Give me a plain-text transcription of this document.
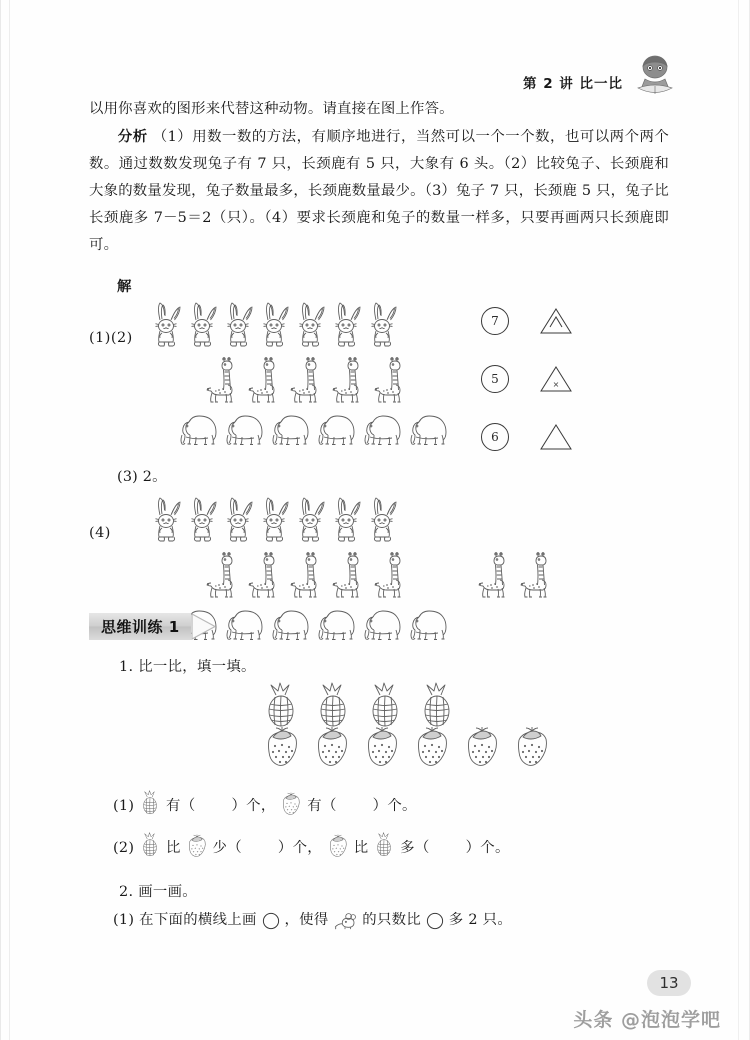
第 2 讲 比一比
以用你喜欢的图形来代替这种动物。请直接在图上作答。
分析 （1）用数一数的方法，有顺序地进行，当然可以一个一个数，也可以两个两个数。通过数数发现兔子有 7 只，长颈鹿有 5 只，大象有 6 头。（2）比较兔子、长颈鹿和大象的数量发现，兔子数量最多，长颈鹿数量最少。（3）兔子 7 只，长颈鹿 5 只，兔子比长颈鹿多 7－5＝2（只）。（4）要求长颈鹿和兔子的数量一样多，只要再画两只长颈鹿即可。
解
(1)(2)
7
5	×
6
(3) 2。
(4)
思维训练 1
1. 比一比，填一填。
(1) 有（	）个， 有（	）个。
(2) 比 少（	）个， 比 多（	）个。
2. 画一画。
(1) 在下面的横线上画 ，使得 的只数比 多 2 只。
13
头条 @泡泡学吧
